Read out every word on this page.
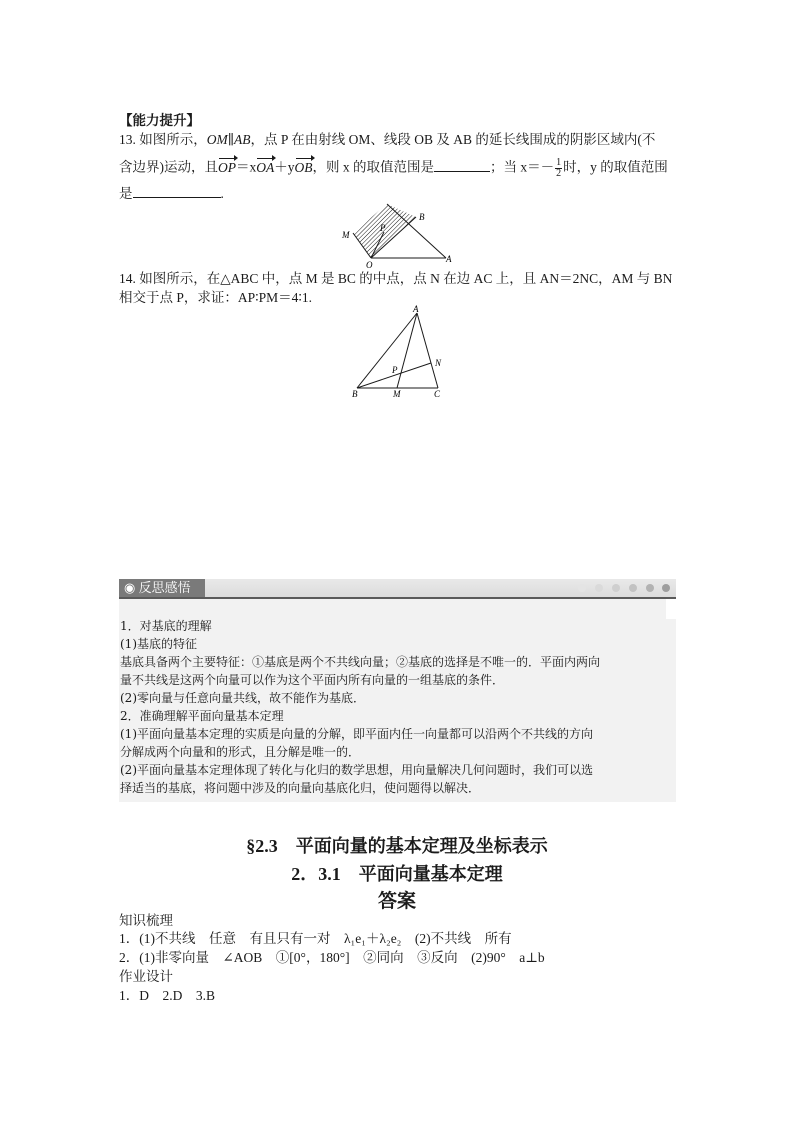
【能力提升】
13. 如图所示，OM∥AB，点 P 在由射线 OM、线段 OB 及 AB 的延长线围成的阴影区域内(不
含边界)运动，且OP＝xOA＋yOB，则 x 的取值范围是	；当 $x=- \frac{1}{2}$ 时，y 的取值范围
是	.
M
B
P
O
A
14. 如图所示，在△ABC 中，点 M 是 BC 的中点，点 N 在边 AC 上，且 AN＝2NC，AM 与 BN
相交于点 P，求证：AP∶PM＝4∶1.
A
N
P
B	M	C
◉ 反思感悟
1．对基底的理解
(1)基底的特征
基底具备两个主要特征：①基底是两个不共线向量；②基底的选择是不唯一的．平面内两向
量不共线是这两个向量可以作为这个平面内所有向量的一组基底的条件．
(2)零向量与任意向量共线，故不能作为基底．
2．准确理解平面向量基本定理
(1)平面向量基本定理的实质是向量的分解，即平面内任一向量都可以沿两个不共线的方向
分解成两个向量和的形式，且分解是唯一的．
(2)平面向量基本定理体现了转化与化归的数学思想，用向量解决几何问题时，我们可以选
择适当的基底，将问题中涉及的向量向基底化归，使问题得以解决．
§2.3　平面向量的基本定理及坐标表示
2．3.1　平面向量基本定理
答案
知识梳理
1．(1)不共线　任意　有且只有一对　λ₁e₁＋λ₂e₂　(2)不共线　所有
2．(1)非零向量　∠AOB　①[0°，180°]　②同向　③反向　(2)90°　a⊥b
作业设计
1．D　2.D　3.B
